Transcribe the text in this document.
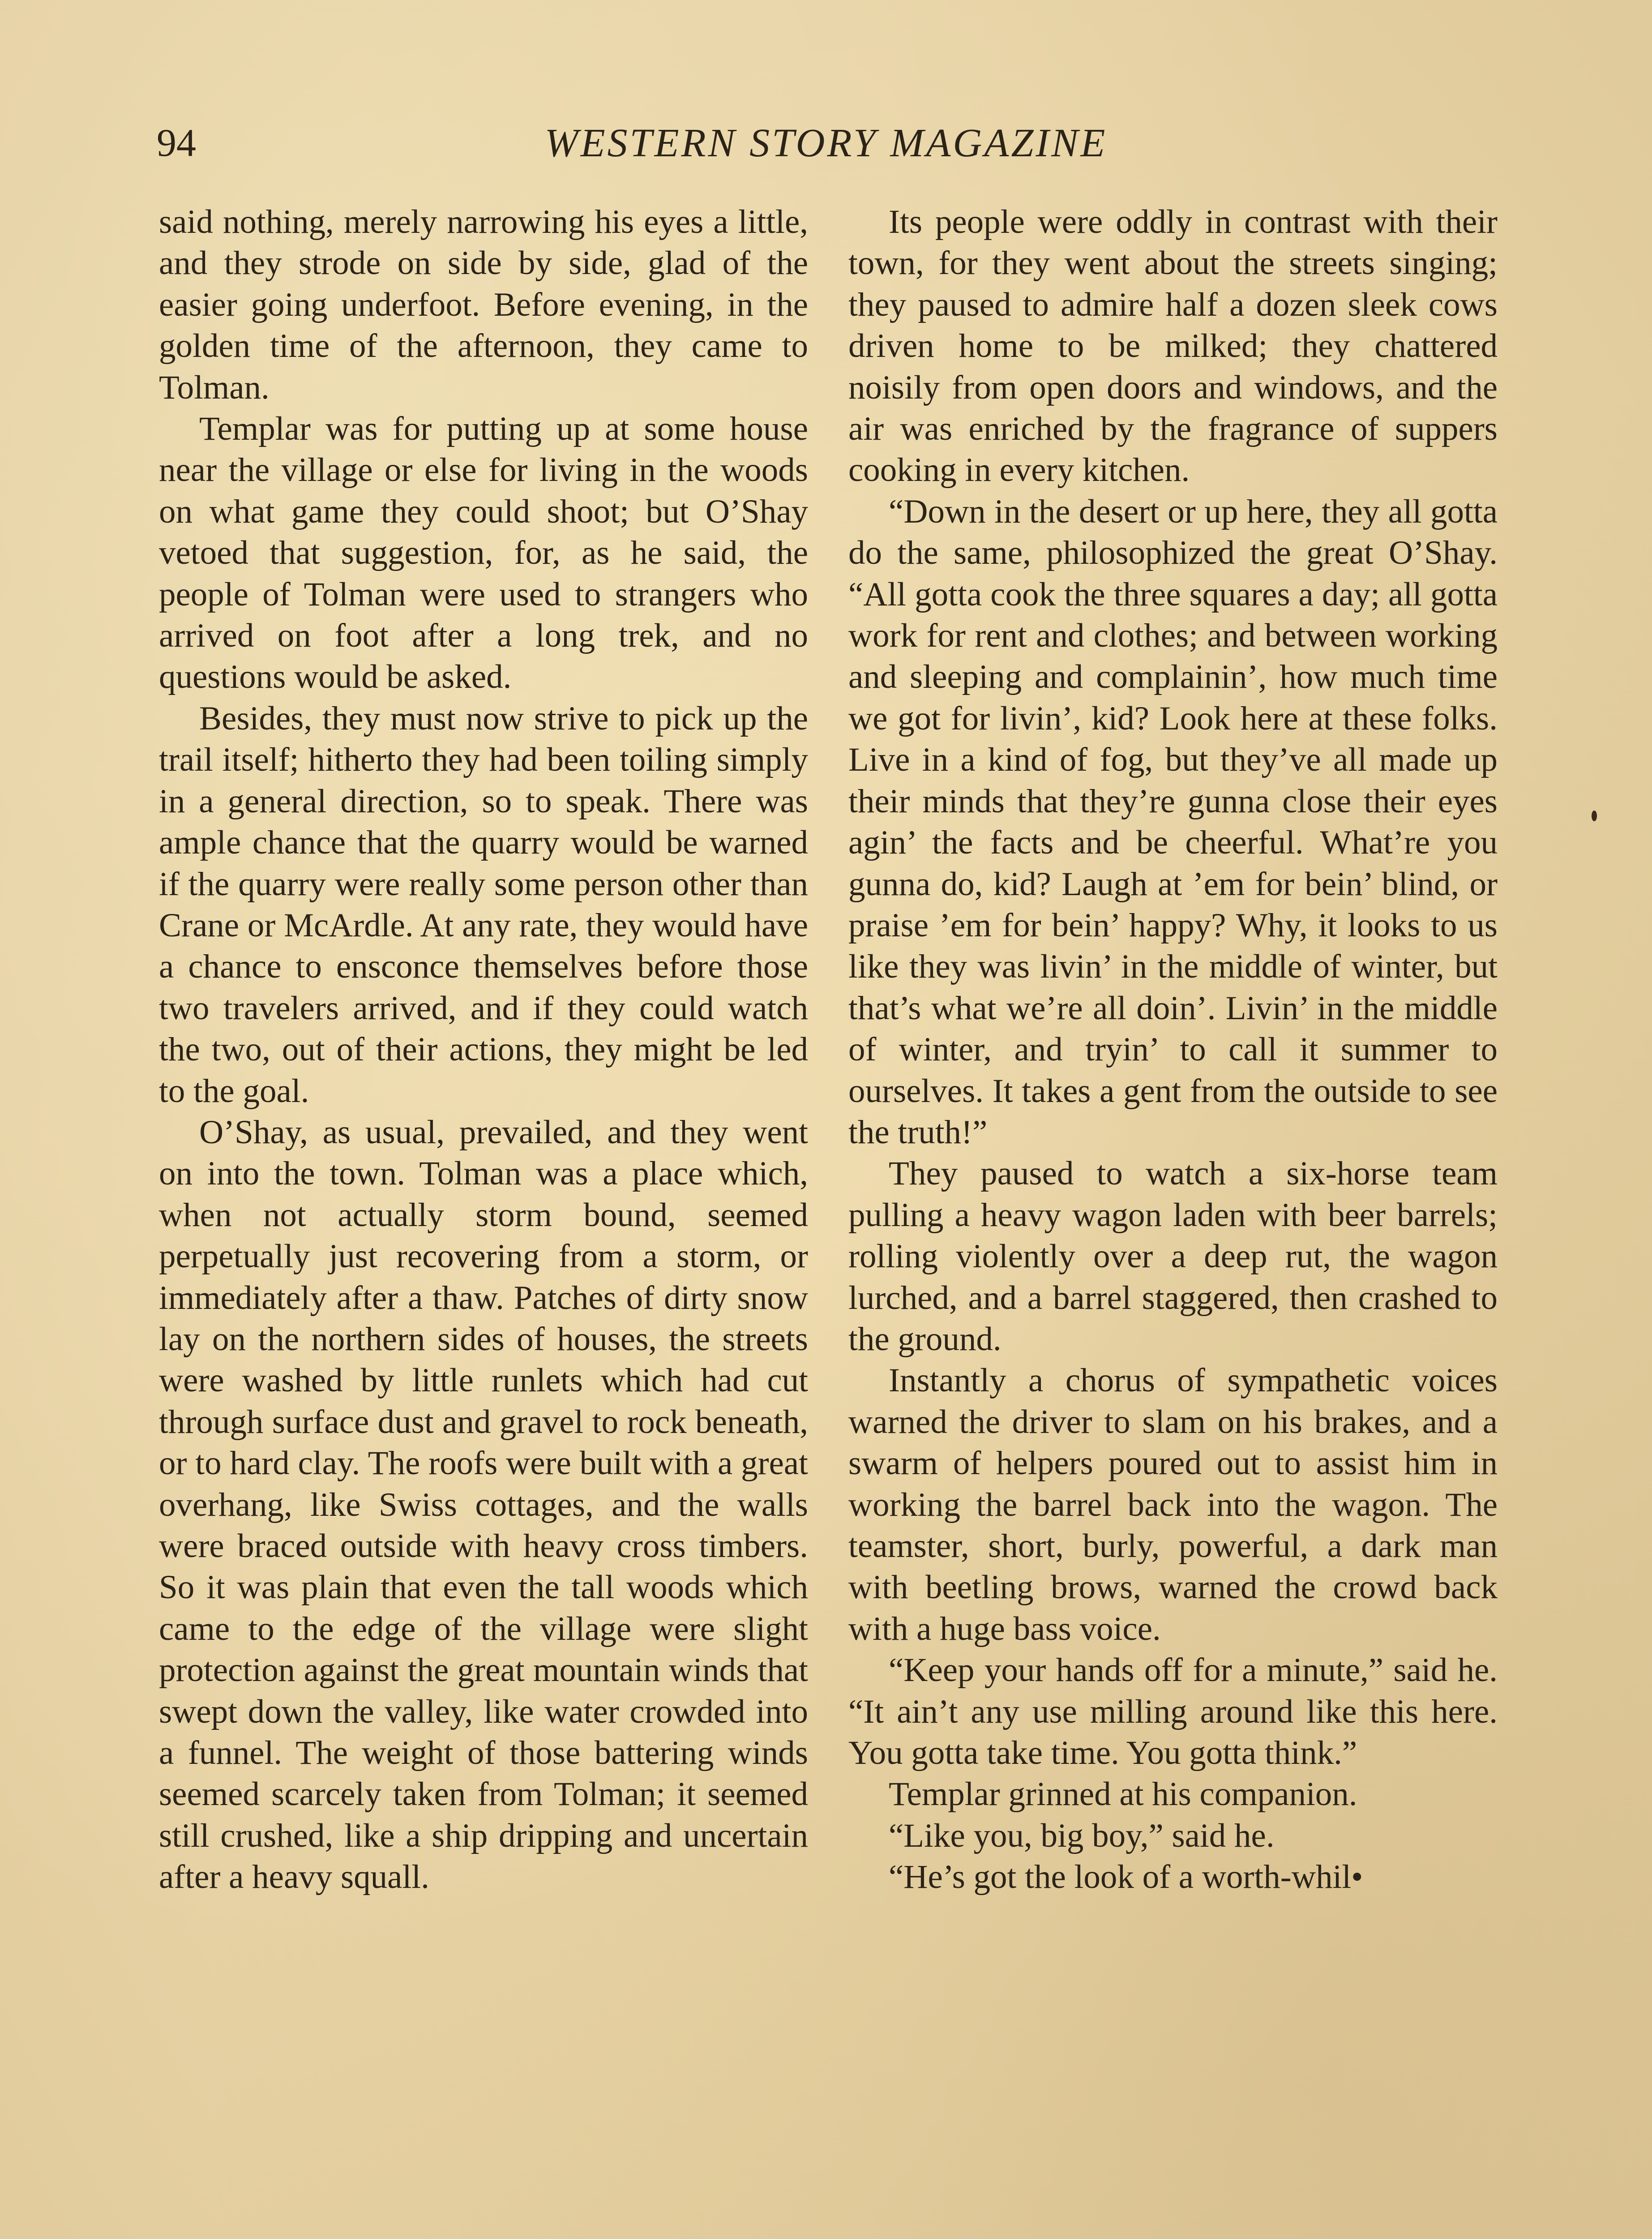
94	WESTERN STORY MAGAZINE

said nothing, merely narrowing his eyes a little, and they strode on side by side, glad of the easier going underfoot. Before evening, in the golden time of the afternoon, they came to Tolman.

Templar was for putting up at some house near the village or else for living in the woods on what game they could shoot; but O’Shay vetoed that suggestion, for, as he said, the people of Tolman were used to strangers who arrived on foot after a long trek, and no questions would be asked.

Besides, they must now strive to pick up the trail itself; hitherto they had been toiling simply in a general direction, so to speak. There was ample chance that the quarry would be warned if the quarry were really some person other than Crane or McArdle. At any rate, they would have a chance to ensconce themselves before those two travelers arrived, and if they could watch the two, out of their actions, they might be led to the goal.

O’Shay, as usual, prevailed, and they went on into the town. Tolman was a place which, when not actually storm bound, seemed perpetually just recovering from a storm, or immediately after a thaw. Patches of dirty snow lay on the northern sides of houses, the streets were washed by little runlets which had cut through surface dust and gravel to rock beneath, or to hard clay. The roofs were built with a great overhang, like Swiss cottages, and the walls were braced outside with heavy cross timbers. So it was plain that even the tall woods which came to the edge of the village were slight protection against the great mountain winds that swept down the valley, like water crowded into a funnel. The weight of those battering winds seemed scarcely taken from Tolman; it seemed still crushed, like a ship dripping and uncertain after a heavy squall.

Its people were oddly in contrast with their town, for they went about the streets singing; they paused to admire half a dozen sleek cows driven home to be milked; they chattered noisily from open doors and windows, and the air was enriched by the fragrance of suppers cooking in every kitchen.

“Down in the desert or up here, they all gotta do the same, philosophized the great O’Shay. “All gotta cook the three squares a day; all gotta work for rent and clothes; and between working and sleeping and complainin’, how much time we got for livin’, kid? Look here at these folks. Live in a kind of fog, but they’ve all made up their minds that they’re gunna close their eyes agin’ the facts and be cheerful. What’re you gunna do, kid? Laugh at ’em for bein’ blind, or praise ’em for bein’ happy? Why, it looks to us like they was livin’ in the middle of winter, but that’s what we’re all doin’. Livin’ in the middle of winter, and tryin’ to call it summer to ourselves. It takes a gent from the outside to see the truth!”

They paused to watch a six-horse team pulling a heavy wagon laden with beer barrels; rolling violently over a deep rut, the wagon lurched, and a barrel staggered, then crashed to the ground.

Instantly a chorus of sympathetic voices warned the driver to slam on his brakes, and a swarm of helpers poured out to assist him in working the barrel back into the wagon. The teamster, short, burly, powerful, a dark man with beetling brows, warned the crowd back with a huge bass voice.

“Keep your hands off for a minute,” said he. “It ain’t any use milling around like this here. You gotta take time. You gotta think.”

Templar grinned at his companion.

“Like you, big boy,” said he.

“He’s got the look of a worth-whil•
